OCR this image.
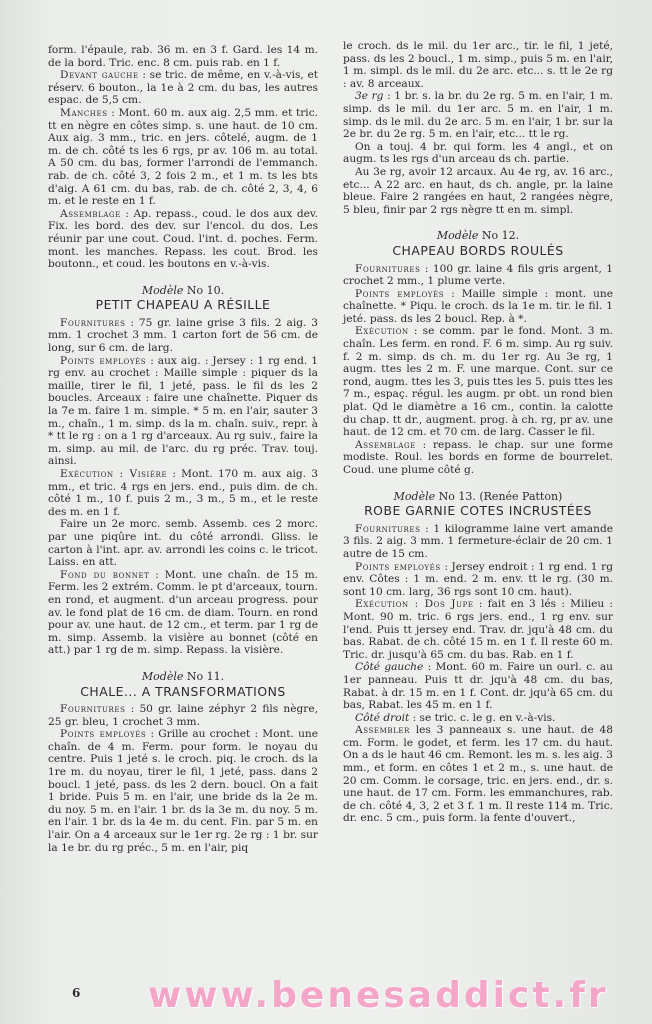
form. l'épaule, rab. 36 m. en 3 f. Gard. les 14 m. de la bord. Tric. enc. 8 cm. puis rab. en 1 f.

Devant gauche : se tric. de même, en v.-à-vis, et réserv. 6 bouton., la 1e à 2 cm. du bas, les autres espac. de 5,5 cm.

Manches : Mont. 60 m. aux aig. 2,5 mm. et tric. tt en nègre en côtes simp. s. une haut. de 10 cm. Aux aig. 3 mm., tric. en jers. côtelé, augm. de 1 m. de ch. côté ts les 6 rgs, pr av. 106 m. au total. A 50 cm. du bas, former l'arrondi de l'emmanch. rab. de ch. côté 3, 2 fois 2 m., et 1 m. ts les bts d'aig. A 61 cm. du bas, rab. de ch. côté 2, 3, 4, 6 m. et le reste en 1 f.

Assemblage : Ap. repass., coud. le dos aux dev. Fix. les bord. des dev. sur l'encol. du dos. Les réunir par une cout. Coud. l'int. d. poches. Ferm. mont. les manches. Repass. les cout. Brod. les boutonn., et coud. les boutons en v.-à-vis.

Modèle No 10.
PETIT CHAPEAU A RÉSILLE

Fournitures : 75 gr. laine grise 3 fils. 2 aig. 3 mm. 1 crochet 3 mm. 1 carton fort de 56 cm. de long, sur 6 cm. de larg.

Points employés : aux aig. : Jersey : 1 rg end. 1 rg env. au crochet : Maille simple : piquer ds la maille, tirer le fil, 1 jeté, pass. le fil ds les 2 boucles. Arceaux : faire une chaînette. Piquer ds la 7e m. faire 1 m. simple. * 5 m. en l'air, sauter 3 m., chaîn., 1 m. simp. ds la m. chaîn. suiv., repr. à * tt le rg : on a 1 rg d'arceaux. Au rg suiv., faire la m. simp. au mil. de l'arc. du rg préc. Trav. touj. ainsi.

Exécution : Visière : Mont. 170 m. aux aig. 3 mm., et tric. 4 rgs en jers. end., puis dim. de ch. côté 1 m., 10 f. puis 2 m., 3 m., 5 m., et le reste des m. en 1 f.

Faire un 2e morc. semb. Assemb. ces 2 morc. par une piqûre int. du côté arrondi. Gliss. le carton à l'int. apr. av. arrondi les coins c. le tricot. Laiss. en att.

Fond du bonnet : Mont. une chaîn. de 15 m. Ferm. les 2 extrém. Comm. le pt d'arceaux, tourn. en rond, et augment. d'un arceau progress. pour av. le fond plat de 16 cm. de diam. Tourn. en rond pour av. une haut. de 12 cm., et term. par 1 rg de m. simp. Assemb. la visière au bonnet (côté en att.) par 1 rg de m. simp. Repass. la visière.

Modèle No 11.
CHALE... A TRANSFORMATIONS

Fournitures : 50 gr. laine zéphyr 2 fils nègre, 25 gr. bleu, 1 crochet 3 mm.

Points employés : Grille au crochet : Mont. une chaîn. de 4 m. Ferm. pour form. le noyau du centre. Puis 1 jeté s. le croch. piq. le croch. ds la 1re m. du noyau, tirer le fil, 1 jeté, pass. dans 2 boucl. 1 jeté, pass. ds les 2 dern. boucl. On a fait 1 bride. Puis 5 m. en l'air, une bride ds la 2e m. du noy. 5 m. en l'air. 1 br. ds la 3e m. du noy. 5 m. en l'air. 1 br. ds la 4e m. du cent. Fin. par 5 m. en l'air. On a 4 arceaux sur le 1er rg. 2e rg : 1 br. sur la 1e br. du rg préc., 5 m. en l'air, piq

le croch. ds le mil. du 1er arc., tir. le fil, 1 jeté, pass. ds les 2 boucl., 1 m. simp., puis 5 m. en l'air, 1 m. simpl. ds le mil. du 2e arc. etc... s. tt le 2e rg : av. 8 arceaux.

3e rg : 1 br. s. la br. du 2e rg. 5 m. en l'air, 1 m. simp. ds le mil. du 1er arc. 5 m. en l'air, 1 m. simp. ds le mil. du 2e arc. 5 m. en l'air, 1 br. sur la 2e br. du 2e rg. 5 m. en l'air, etc... tt le rg.

On a touj. 4 br. qui form. les 4 angl., et on augm. ts les rgs d'un arceau ds ch. partie.

Au 3e rg, avoir 12 arcaux. Au 4e rg, av. 16 arc., etc... A 22 arc. en haut, ds ch. angle, pr. la laine bleue. Faire 2 rangées en haut, 2 rangées nègre, 5 bleu, finir par 2 rgs nègre tt en m. simpl.

Modèle No 12.
CHAPEAU BORDS ROULÉS

Fournitures : 100 gr. laine 4 fils gris argent, 1 crochet 2 mm., 1 plume verte.

Points employés : Maille simple : mont. une chaînette. * Piqu. le croch. ds la 1e m. tir. le fil. 1 jeté. pass. ds les 2 boucl. Rep. à *.

Exécution : se comm. par le fond. Mont. 3 m. chaîn. Les ferm. en rond. F. 6 m. simp. Au rg suiv. f. 2 m. simp. ds ch. m. du 1er rg. Au 3e rg, 1 augm. ttes les 2 m. F. une marque. Cont. sur ce rond, augm. ttes les 3, puis ttes les 5. puis ttes les 7 m., espaç. régul. les augm. pr obt. un rond bien plat. Qd le diamètre a 16 cm., contin. la calotte du chap. tt dr., augment. prog. à ch. rg, pr av. une haut. de 12 cm. et 70 cm. de larg. Casser le fil.

Assemblage : repass. le chap. sur une forme modiste. Roul. les bords en forme de bourrelet. Coud. une plume côté g.

Modèle No 13. (Renée Patton)
ROBE GARNIE COTES INCRUSTÉES

Fournitures : 1 kilogramme laine vert amande 3 fils. 2 aig. 3 mm. 1 fermeture-éclair de 20 cm. 1 autre de 15 cm.

Points employés : Jersey endroit : 1 rg end. 1 rg env. Côtes : 1 m. end. 2 m. env. tt le rg. (30 m. sont 10 cm. larg, 36 rgs sont 10 cm. haut).

Exécution : Dos Jupe : fait en 3 lés : Milieu : Mont. 90 m. tric. 6 rgs jers. end., 1 rg env. sur l'end. Puis tt jersey end. Trav. dr. jqu'à 48 cm. du bas. Rabat. de ch. côté 15 m. en 1 f. Il reste 60 m. Tric. dr. jusqu'à 65 cm. du bas. Rab. en 1 f.

Côté gauche : Mont. 60 m. Faire un ourl. c. au 1er panneau. Puis tt dr. jqu'à 48 cm. du bas, Rabat. à dr. 15 m. en 1 f. Cont. dr. jqu'à 65 cm. du bas, Rabat. les 45 m. en 1 f.

Côté droit : se tric. c. le g. en v.-à-vis.

Assembler les 3 panneaux s. une haut. de 48 cm. Form. le godet, et ferm. les 17 cm. du haut. On a ds le haut 46 cm. Remont. les m. s. les aig. 3 mm., et form. en côtes 1 et 2 m., s. une haut. de 20 cm. Comm. le corsage, tric. en jers. end., dr. s. une haut. de 17 cm. Form. les emmanchures, rab. de ch. côté 4, 3, 2 et 3 f. 1 m. Il reste 114 m. Tric. dr. enc. 5 cm., puis form. la fente d'ouvert.,

6 www.benesaddict.fr
